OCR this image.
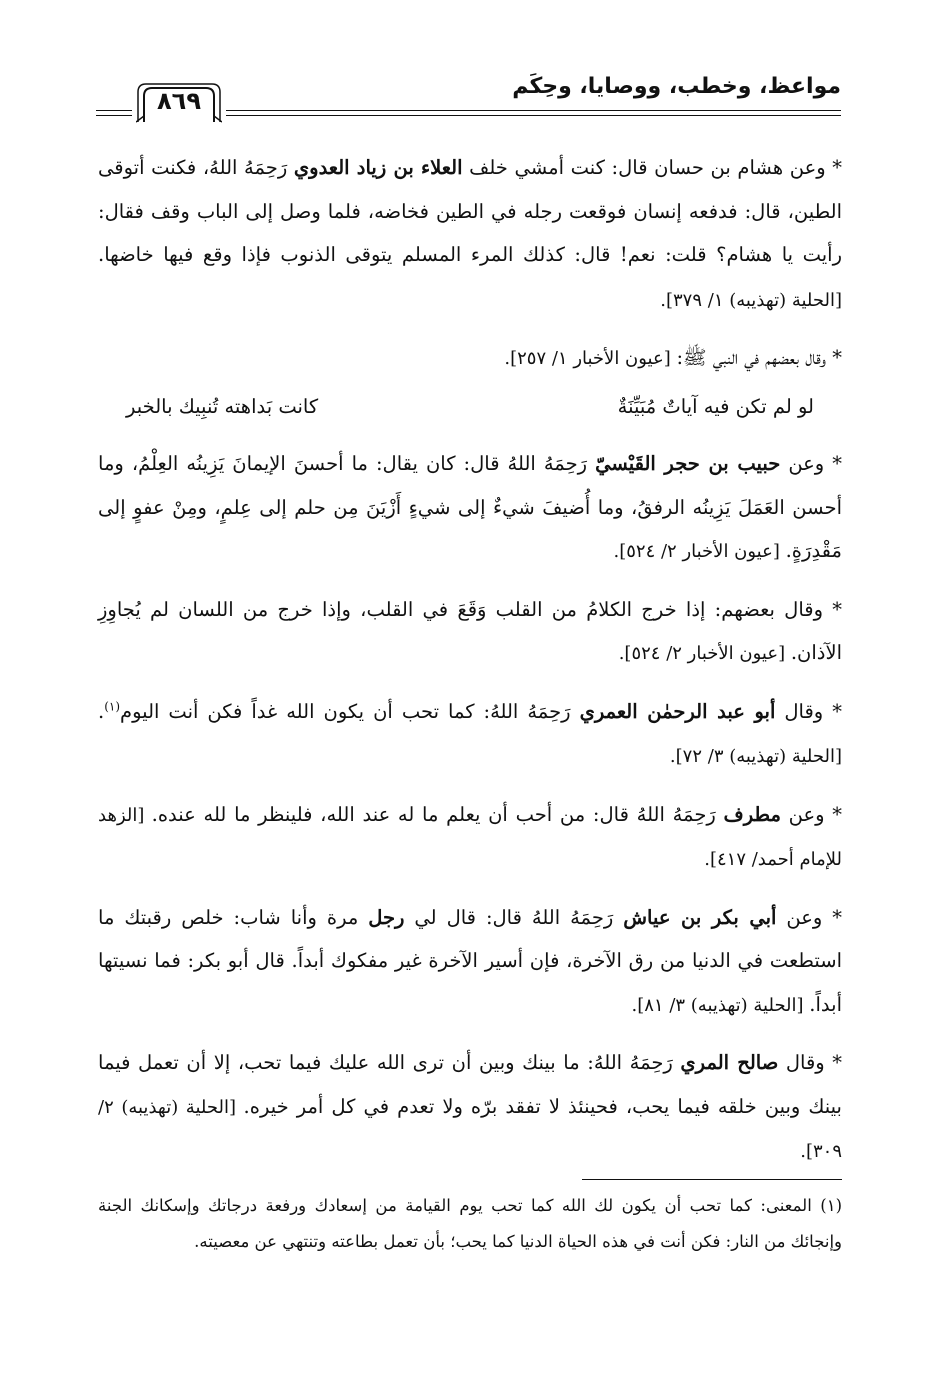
مواعظ، وخطب، ووصايا، وحِكَم
٨٦٩

* وعن هشام بن حسان قال: كنت أمشي خلف العلاء بن زياد العدوي رَحِمَهُ اللهُ، فكنت أتوقى الطين، قال: فدفعه إنسان فوقعت رجله في الطين فخاضه، فلما وصل إلى الباب وقف فقال: رأيت يا هشام؟ قلت: نعم! قال: كذلك المرء المسلم يتوقى الذنوب فإذا وقع فيها خاضها. [الحلية (تهذيبه) ١/ ٣٧٩].

* وقال بعضهم في النبي ﷺ: [عيون الأخبار ١/ ٢٥٧].

لو لم تكن فيه آياتٌ مُبَيِّنَةٌ
كانت بَداهته تُنبِيك بالخبر

* وعن حبيب بن حجر القَيْسيّ رَحِمَهُ اللهُ قال: كان يقال: ما أحسنَ الإيمانَ يَزِينُه العِلْمُ، وما أحسن العَمَلَ يَزِينُه الرفقُ، وما أُضيفَ شيءٌ إلى شيءٍ أَزْيَنَ مِن حلم إلى عِلمٍ، ومِنْ عفوٍ إلى مَقْدِرَةٍ. [عيون الأخبار ٢/ ٥٢٤].

* وقال بعضهم: إذا خرج الكلامُ من القلب وَقَعَ في القلب، وإذا خرج من اللسان لم يُجاوِزِ الآذان. [عيون الأخبار ٢/ ٥٢٤].

* وقال أبو عبد الرحمٰن العمري رَحِمَهُ اللهُ: كما تحب أن يكون الله غداً فكن أنت اليوم$^{(١)}$. [الحلية (تهذيبه) ٣/ ٧٢].

* وعن مطرف رَحِمَهُ اللهُ قال: من أحب أن يعلم ما له عند الله، فلينظر ما لله عنده. [الزهد للإمام أحمد/ ٤١٧].

* وعن أبي بكر بن عياش رَحِمَهُ اللهُ قال: قال لي رجل مرة وأنا شاب: خلص رقبتك ما استطعت في الدنيا من رق الآخرة، فإن أسير الآخرة غير مفكوك أبداً. قال أبو بكر: فما نسيتها أبداً. [الحلية (تهذيبه) ٣/ ٨١].

* وقال صالح المري رَحِمَهُ اللهُ: ما بينك وبين أن ترى الله عليك فيما تحب، إلا أن تعمل فيما بينك وبين خلقه فيما يحب، فحينئذ لا تفقد برّه ولا تعدم في كل أمر خيره. [الحلية (تهذيبه) ٢/ ٣٠٩].

(١) المعنى: كما تحب أن يكون لك الله كما تحب يوم القيامة من إسعادك ورفعة درجاتك وإسكانك الجنة وإنجائك من النار: فكن أنت في هذه الحياة الدنيا كما يحب؛ بأن تعمل بطاعته وتنتهي عن معصيته.
